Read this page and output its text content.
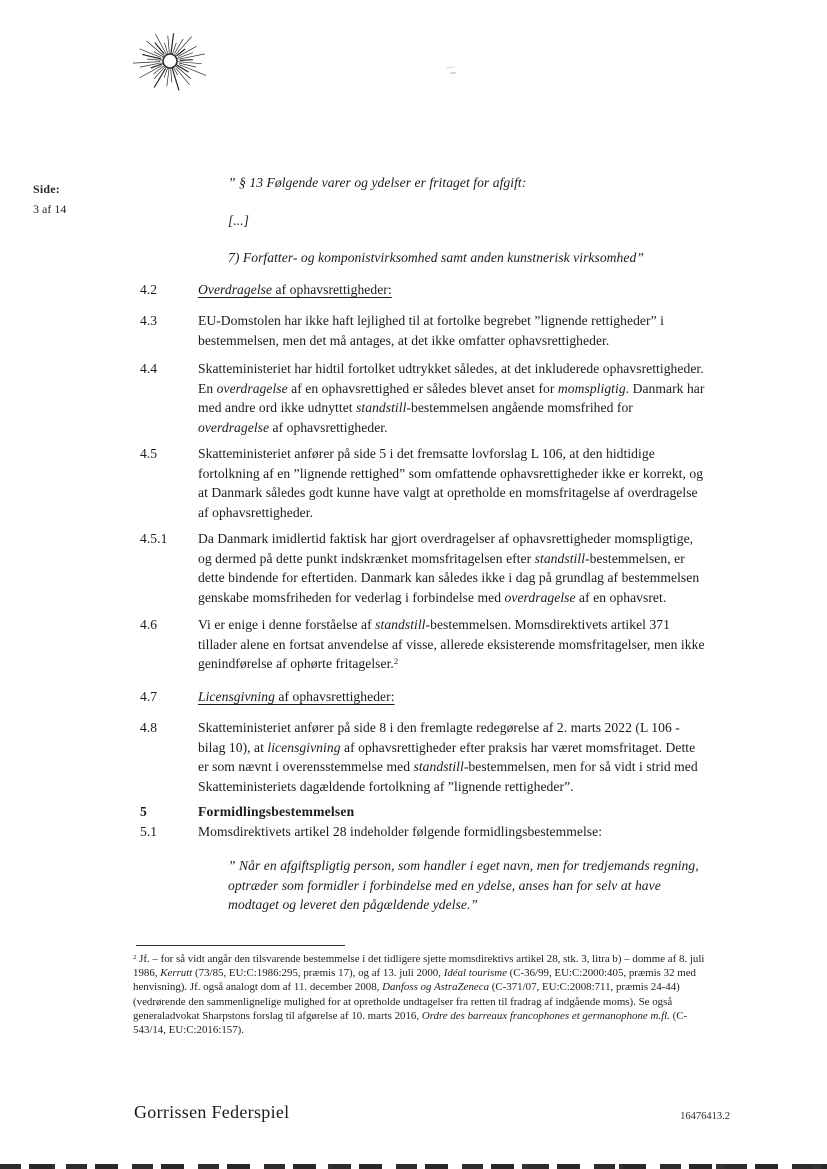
Side:
3 af 14
” § 13 Følgende varer og ydelser er fritaget for afgift:
[...]
7) Forfatter- og komponistvirksomhed samt anden kunstnerisk virksomhed”
4.2	Overdragelse af ophavsrettigheder:
4.3	EU-Domstolen har ikke haft lejlighed til at fortolke begrebet ”lignende rettigheder” i bestemmelsen, men det må antages, at det ikke omfatter ophavsrettigheder.
4.4	Skatteministeriet har hidtil fortolket udtrykket således, at det inkluderede ophavsrettigheder. En overdragelse af en ophavsrettighed er således blevet anset for momspligtig. Danmark har med andre ord ikke udnyttet standstill-bestemmelsen angående momsfrihed for overdragelse af ophavsrettigheder.
4.5	Skatteministeriet anfører på side 5 i det fremsatte lovforslag L 106, at den hidtidige fortolkning af en ”lignende rettighed” som omfattende ophavsrettigheder ikke er korrekt, og at Danmark således godt kunne have valgt at opretholde en momsfritagelse af overdragelse af ophavsrettigheder.
4.5.1	Da Danmark imidlertid faktisk har gjort overdragelser af ophavsrettigheder momspligtige, og dermed på dette punkt indskrænket momsfritagelsen efter standstill-bestemmelsen, er dette bindende for eftertiden. Danmark kan således ikke i dag på grundlag af bestemmelsen genskabe momsfriheden for vederlag i forbindelse med overdragelse af en ophavsret.
4.6	Vi er enige i denne forståelse af standstill-bestemmelsen. Momsdirektivets artikel 371 tillader alene en fortsat anvendelse af visse, allerede eksisterende momsfritagelser, men ikke genindførelse af ophørte fritagelser.$^2$
4.7	Licensgivning af ophavsrettigheder:
4.8	Skatteministeriet anfører på side 8 i den fremlagte redegørelse af 2. marts 2022 (L 106 - bilag 10), at licensgivning af ophavsrettigheder efter praksis har været momsfritaget. Dette er som nævnt i overensstemmelse med standstill-bestemmelsen, men for så vidt i strid med Skatteministeriets dagældende fortolkning af ”lignende rettigheder”.
5	Formidlingsbestemmelsen
5.1	Momsdirektivets artikel 28 indeholder følgende formidlingsbestemmelse:
” Når en afgiftspligtig person, som handler i eget navn, men for tredjemands regning, optræder som formidler i forbindelse med en ydelse, anses han for selv at have modtaget og leveret den pågældende ydelse.”
$^2$ Jf. – for så vidt angår den tilsvarende bestemmelse i det tidligere sjette momsdirektivs artikel 28, stk. 3, litra b) – domme af 8. juli 1986, Kerrutt (73/85, EU:C:1986:295, præmis 17), og af 13. juli 2000, Idéal tourisme (C-36/99, EU:C:2000:405, præmis 32 med henvisning). Jf. også analogt dom af 11. december 2008, Danfoss og AstraZeneca (C-371/07, EU:C:2008:711, præmis 24-44) (vedrørende den sammenlignelige mulighed for at opretholde undtagelser fra retten til fradrag af indgående moms). Se også generaladvokat Sharpstons forslag til afgørelse af 10. marts 2016, Ordre des barreaux francophones et germanophone m.fl. (C-543/14, EU:C:2016:157).
Gorrissen Federspiel	16476413.2
